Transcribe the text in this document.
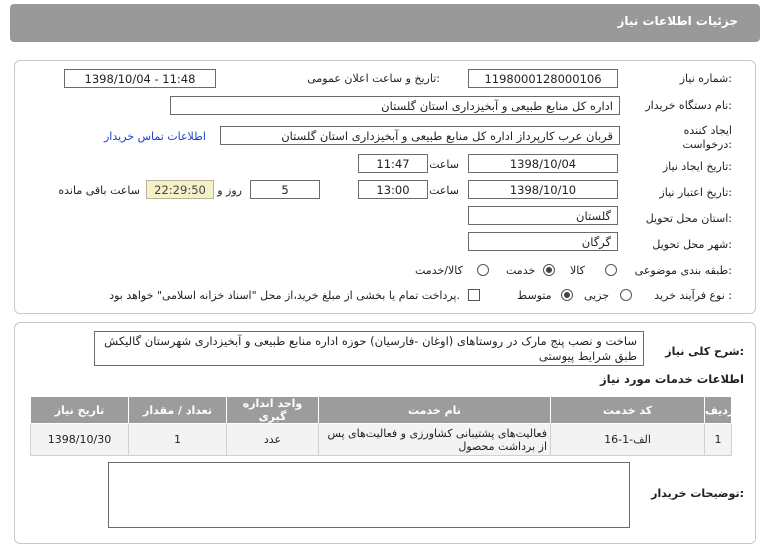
جزئیات اطلاعات نیاز
شماره نیاز:
1198000128000106
تاریخ و ساعت اعلان عمومی:
1398/10/04 - 11:48
نام دستگاه خریدار:
اداره کل منابع طبیعی و آبخیزداری استان گلستان
ایجاد کننده
درخواست:
قربان عرب کارپرداز اداره کل منابع طبیعی و آبخیزداری استان گلستان
اطلاعات تماس خریدار
تاریخ ایجاد نیاز:
1398/10/04
ساعت
11:47
تاریخ اعتبار نیاز:
1398/10/10
ساعت
13:00
5
روز و
22:29:50
ساعت باقی مانده
استان محل تحویل:
گلستان
شهر محل تحویل:
گرگان
طبقه بندی موضوعی:
کالا
خدمت
کالا/خدمت
نوع فرآیند خرید :
جزیی
متوسط
پرداخت تمام یا بخشی از مبلغ خرید،از محل "اسناد خزانه اسلامی" خواهد بود.
شرح کلی نیاز:
ساخت و نصب پنج مارک در روستاهای (اوغان -فارسیان) حوزه اداره منابع طبیعی و آبخیزداری شهرستان گالیکش طبق شرایط پیوستی
اطلاعات خدمات مورد نیاز
تاریخ نیاز	تعداد / مقدار	واحد اندازه گیری	نام خدمت	کد خدمت	ردیف
1398/10/30	1	عدد	فعالیت‌های پشتیبانی کشاورزی و فعالیت‌های پس از برداشت محصول	الف-1-16	1
توضیحات خریدار:
